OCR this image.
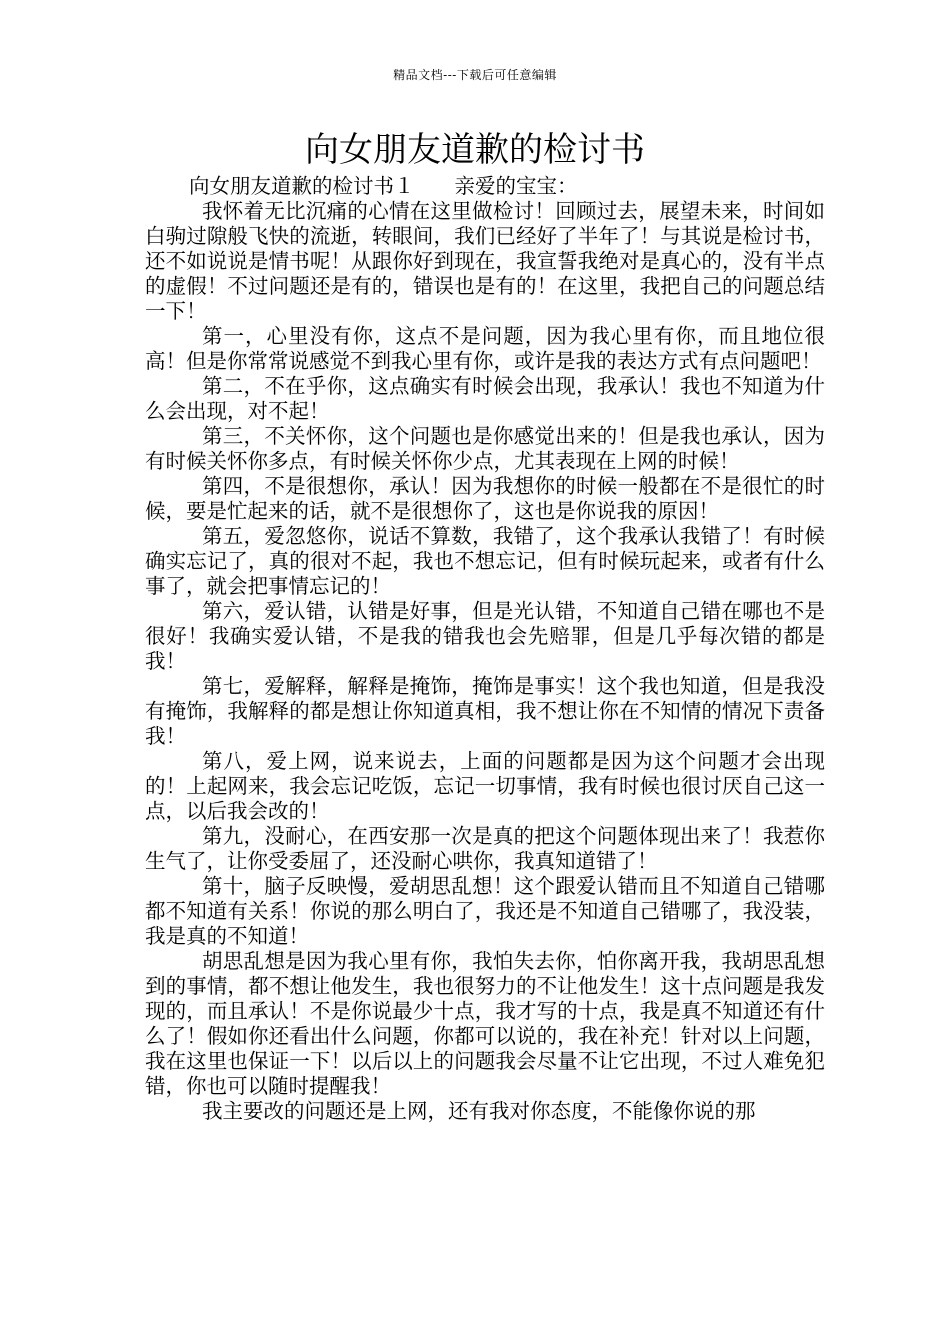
精品文档---下载后可任意编辑
向女朋友道歉的检讨书

向女朋友道歉的检讨书１ 亲爱的宝宝：

我怀着无比沉痛的心情在这里做检讨！回顾过去，展望未来，时间如白驹过隙般飞快的流逝，转眼间，我们已经好了半年了！与其说是检讨书，还不如说说是情书呢！从跟你好到现在，我宣誓我绝对是真心的，没有半点的虚假！不过问题还是有的，错误也是有的！在这里，我把自己的问题总结一下！

第一，心里没有你，这点不是问题，因为我心里有你，而且地位很高！但是你常常说感觉不到我心里有你，或许是我的表达方式有点问题吧！

第二，不在乎你，这点确实有时候会出现，我承认！我也不知道为什么会出现，对不起！

第三，不关怀你，这个问题也是你感觉出来的！但是我也承认，因为有时候关怀你多点，有时候关怀你少点，尤其表现在上网的时候！

第四，不是很想你，承认！因为我想你的时候一般都在不是很忙的时候，要是忙起来的话，就不是很想你了，这也是你说我的原因！

第五，爱忽悠你，说话不算数，我错了，这个我承认我错了！有时候确实忘记了，真的很对不起，我也不想忘记，但有时候玩起来，或者有什么事了，就会把事情忘记的！

第六，爱认错，认错是好事，但是光认错，不知道自己错在哪也不是很好！我确实爱认错，不是我的错我也会先赔罪，但是几乎每次错的都是我！

第七，爱解释，解释是掩饰，掩饰是事实！这个我也知道，但是我没有掩饰，我解释的都是想让你知道真相，我不想让你在不知情的情况下责备我！

第八，爱上网，说来说去，上面的问题都是因为这个问题才会出现的！上起网来，我会忘记吃饭，忘记一切事情，我有时候也很讨厌自己这一点，以后我会改的！

第九，没耐心，在西安那一次是真的把这个问题体现出来了！我惹你生气了，让你受委屈了，还没耐心哄你，我真知道错了！

第十，脑子反映慢，爱胡思乱想！这个跟爱认错而且不知道自己错哪都不知道有关系！你说的那么明白了，我还是不知道自己错哪了，我没装，我是真的不知道！

胡思乱想是因为我心里有你，我怕失去你，怕你离开我，我胡思乱想到的事情，都不想让他发生，我也很努力的不让他发生！这十点问题是我发现的，而且承认！不是你说最少十点，我才写的十点，我是真不知道还有什么了！假如你还看出什么问题，你都可以说的，我在补充！针对以上问题，我在这里也保证一下！以后以上的问题我会尽量不让它出现，不过人难免犯错，你也可以随时提醒我！

我主要改的问题还是上网，还有我对你态度，不能像你说的那
